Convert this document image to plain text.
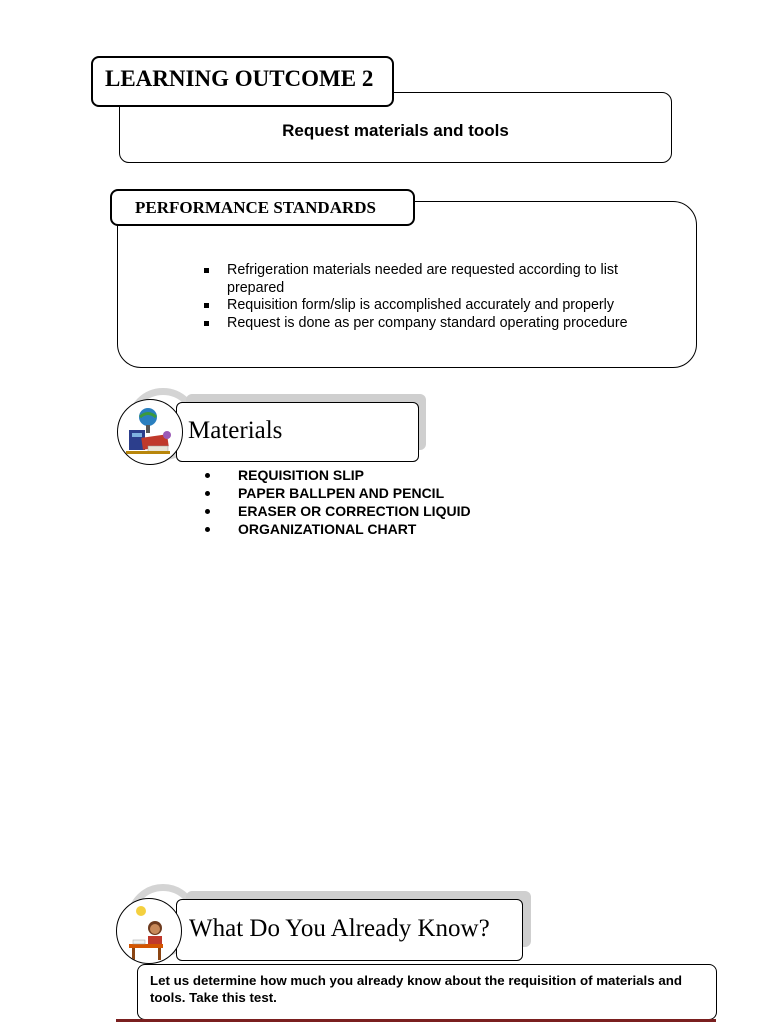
Request materials and tools
LEARNING OUTCOME 2
PERFORMANCE STANDARDS
Refrigeration materials needed are requested according to list prepared
Requisition form/slip is accomplished accurately and properly
Request is done as per company standard operating procedure
Materials
REQUISITION SLIP
PAPER BALLPEN AND PENCIL
ERASER OR CORRECTION LIQUID
ORGANIZATIONAL CHART
What Do You Already Know?
Let us determine how much you already know about the requisition of materials and tools. Take this test.
